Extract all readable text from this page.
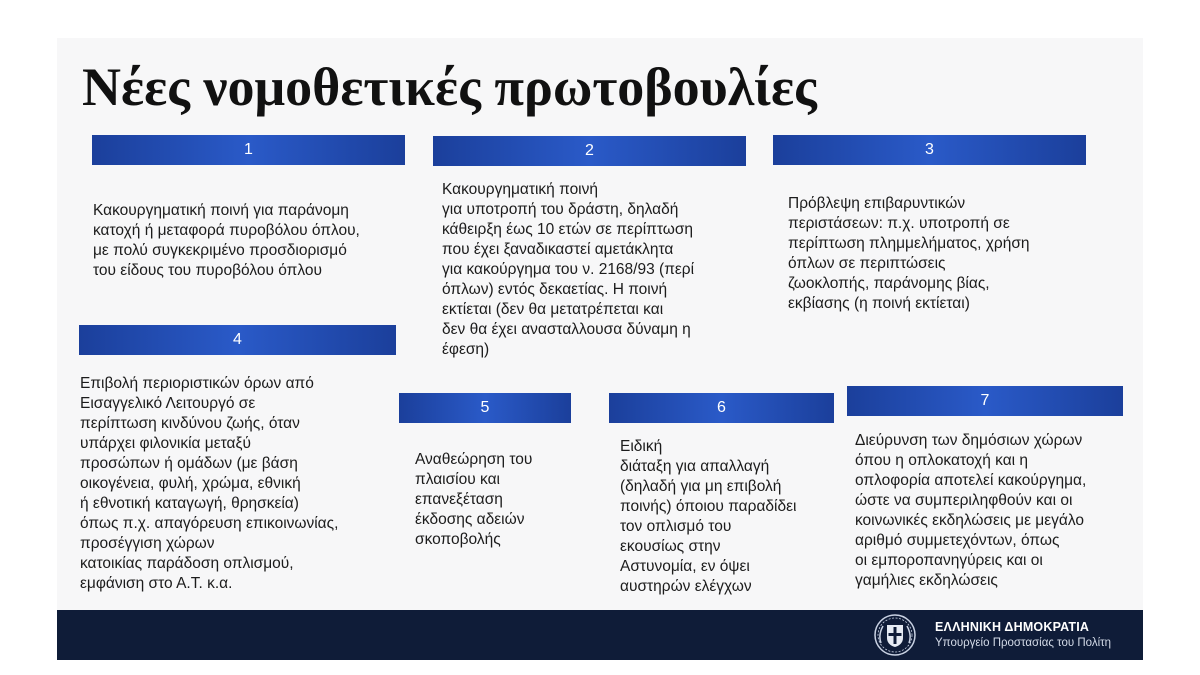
Νέες νομοθετικές πρωτοβουλίες
1

Κακουργηματική ποινή για παράνομη
κατοχή ή μεταφορά πυροβόλου όπλου,
με πολύ συγκεκριμένο προσδιορισμό
του είδους του πυροβόλου όπλου

2

Κακουργηματική ποινή
για υποτροπή του δράστη, δηλαδή
κάθειρξη έως 10 ετών σε περίπτωση
που έχει ξαναδικαστεί αμετάκλητα
για κακούργημα του ν. 2168/93 (περί
όπλων) εντός δεκαετίας. Η ποινή
εκτίεται (δεν θα μετατρέπεται και
δεν θα έχει ανασταλλουσα δύναμη η
έφεση)

3

Πρόβλεψη επιβαρυντικών
περιστάσεων: π.χ. υποτροπή σε
περίπτωση πλημμελήματος, χρήση
όπλων σε περιπτώσεις
ζωοκλοπής, παράνομης βίας,
εκβίασης (η ποινή εκτίεται)

4

Επιβολή περιοριστικών όρων από
Εισαγγελικό Λειτουργό σε
περίπτωση κινδύνου ζωής, όταν
υπάρχει φιλονικία μεταξύ
προσώπων ή ομάδων (με βάση
οικογένεια, φυλή, χρώμα, εθνική
ή εθνοτική καταγωγή, θρησκεία)
όπως π.χ. απαγόρευση επικοινωνίας,
προσέγγιση χώρων
κατοικίας παράδοση οπλισμού,
εμφάνιση στο Α.Τ. κ.α.

5

Αναθεώρηση του
πλαισίου και
επανεξέταση
έκδοσης αδειών
σκοποβολής

6

Ειδική
διάταξη για απαλλαγή
(δηλαδή για μη επιβολή
ποινής) όποιου παραδίδει
τον οπλισμό του
εκουσίως στην
Αστυνομία, εν όψει
αυστηρών ελέγχων

7

Διεύρυνση των δημόσιων χώρων
όπου η οπλοκατοχή και η
οπλοφορία αποτελεί κακούργημα,
ώστε να συμπεριληφθούν και οι
κοινωνικές εκδηλώσεις με μεγάλο
αριθμό συμμετεχόντων, όπως
οι εμποροπανηγύρεις και οι
γαμήλιες εκδηλώσεις

ΕΛΛΗΝΙΚΗ ΔΗΜΟΚΡΑΤΙΑ
Υπουργείο Προστασίας του Πολίτη
